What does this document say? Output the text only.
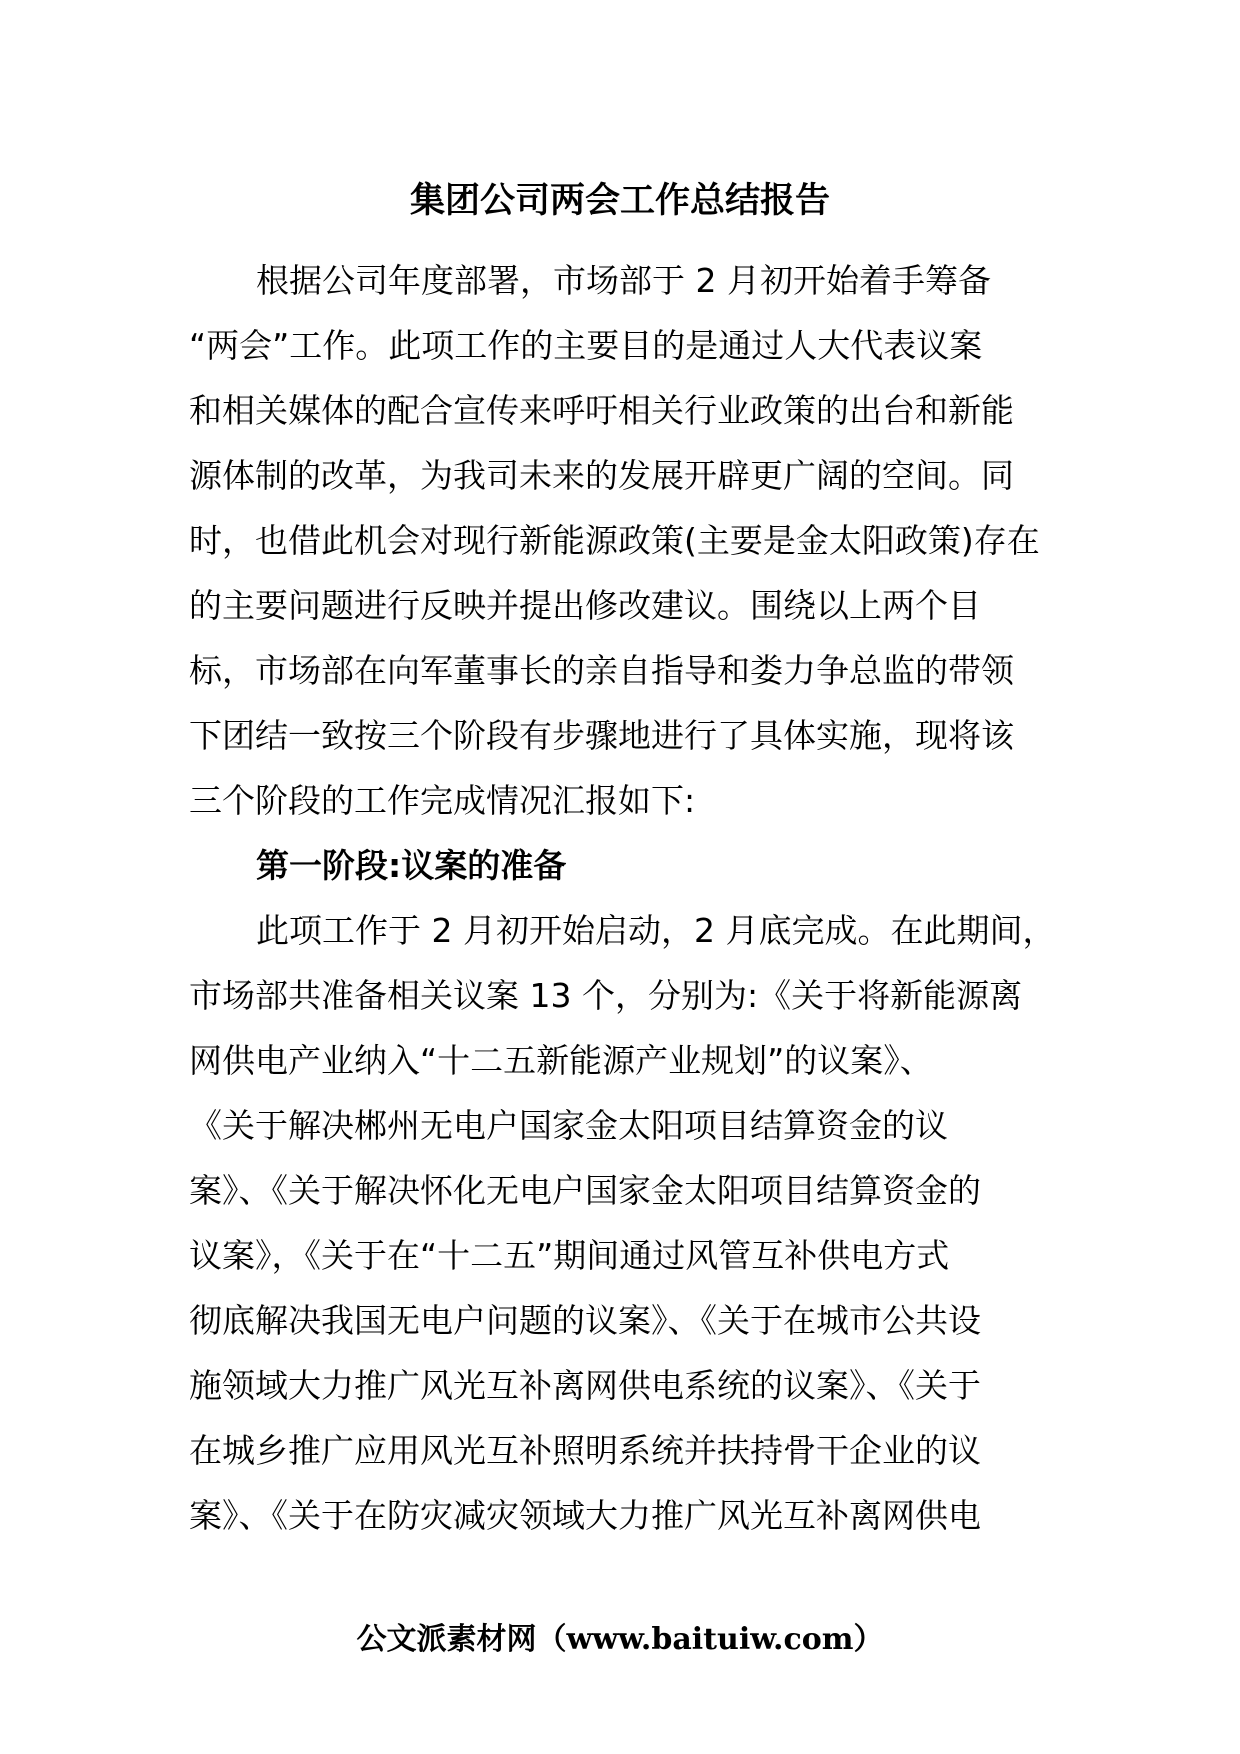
集团公司两会工作总结报告
根据公司年度部署，市场部于 2 月初开始着手筹备
“两会”工作。此项工作的主要目的是通过人大代表议案
和相关媒体的配合宣传来呼吁相关行业政策的出台和新能
源体制的改革，为我司未来的发展开辟更广阔的空间。同
时，也借此机会对现行新能源政策(主要是金太阳政策)存在
的主要问题进行反映并提出修改建议。围绕以上两个目
标，市场部在向军董事长的亲自指导和娄力争总监的带领
下团结一致按三个阶段有步骤地进行了具体实施，现将该
三个阶段的工作完成情况汇报如下:
第一阶段:议案的准备
此项工作于 2 月初开始启动，2 月底完成。在此期间，
市场部共准备相关议案 13 个，分别为:《关于将新能源离
网供电产业纳入“十二五新能源产业规划”的议案》、
《关于解决郴州无电户国家金太阳项目结算资金的议
案》、《关于解决怀化无电户国家金太阳项目结算资金的
议案》，《关于在“十二五”期间通过风管互补供电方式
彻底解决我国无电户问题的议案》、《关于在城市公共设
施领域大力推广风光互补离网供电系统的议案》、《关于
在城乡推广应用风光互补照明系统并扶持骨干企业的议
案》、《关于在防灾减灾领域大力推广风光互补离网供电
公文派素材网（www.baituiw.com）
